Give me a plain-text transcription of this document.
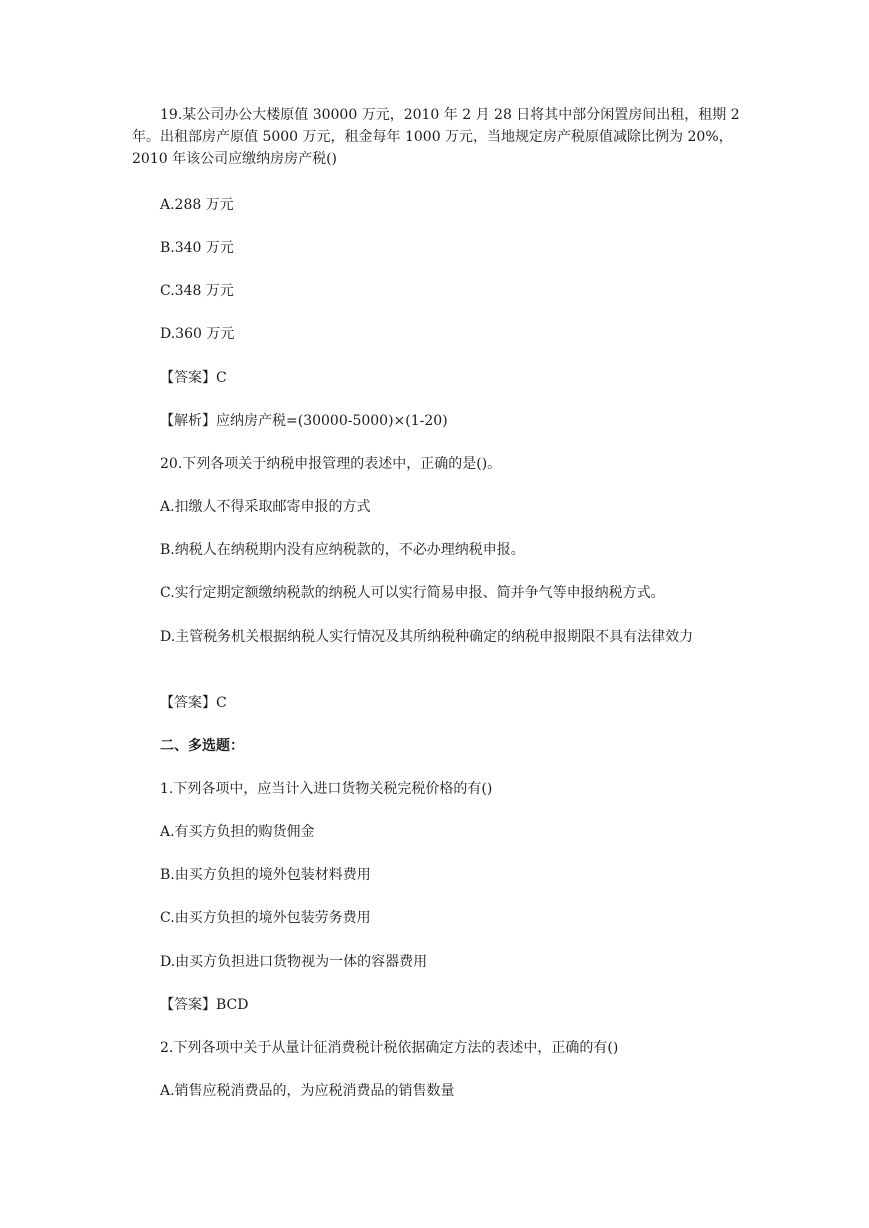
19.某公司办公大楼原值 30000 万元，2010 年 2 月 28 日将其中部分闲置房间出租，租期 2 年。出租部房产原值 5000 万元，租金每年 1000 万元，当地规定房产税原值减除比例为 20%，2010 年该公司应缴纳房房产税()
A.288 万元
B.340 万元
C.348 万元
D.360 万元
【答案】C
【解析】应纳房产税=(30000-5000)×(1-20)
20.下列各项关于纳税申报管理的表述中，正确的是()。
A.扣缴人不得采取邮寄申报的方式
B.纳税人在纳税期内没有应纳税款的，不必办理纳税申报。
C.实行定期定额缴纳税款的纳税人可以实行简易申报、简并争气等申报纳税方式。
D.主管税务机关根据纳税人实行情况及其所纳税种确定的纳税申报期限不具有法律效力
【答案】C
二、多选题：
1.下列各项中，应当计入进口货物关税完税价格的有()
A.有买方负担的购货佣金
B.由买方负担的境外包装材料费用
C.由买方负担的境外包装劳务费用
D.由买方负担进口货物视为一体的容器费用
【答案】BCD
2.下列各项中关于从量计征消费税计税依据确定方法的表述中，正确的有()
A.销售应税消费品的，为应税消费品的销售数量
